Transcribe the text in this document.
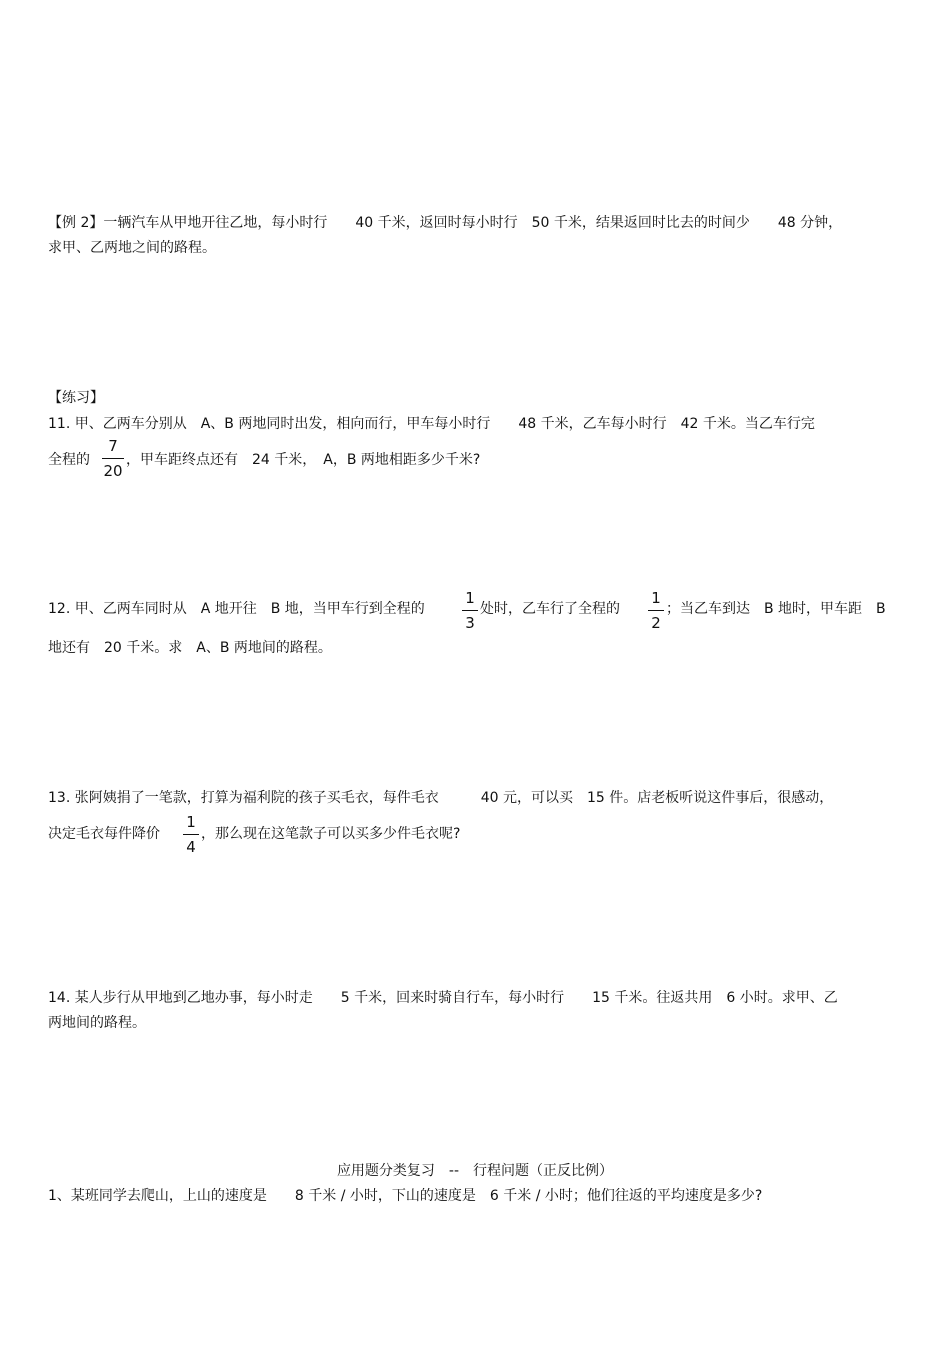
【例 2】一辆汽车从甲地开往乙地，每小时行　　40 千米，返回时每小时行　50 千米，结果返回时比去的时间少　　48 分钟，
求甲、乙两地之间的路程。
【练习】
11. 甲、乙两车分别从　A、B 两地同时出发，相向而行，甲车每小时行　　48 千米，乙车每小时行　42 千米。当乙车行完
全程的
7
20
，甲车距终点还有　24 千米，　A，B 两地相距多少千米?
12. 甲、乙两车同时从　A 地开往　B 地，当甲车行到全程的
1
3
处时，乙车行了全程的
1
2
；当乙车到达　B 地时，甲车距　B
地还有　20 千米。求　A、B 两地间的路程。
13. 张阿姨捐了一笔款，打算为福利院的孩子买毛衣，每件毛衣　　　40 元，可以买　15 件。店老板听说这件事后，很感动，
决定毛衣每件降价
1
4
，那么现在这笔款子可以买多少件毛衣呢?
14. 某人步行从甲地到乙地办事，每小时走　　5 千米，回来时骑自行车，每小时行　　15 千米。往返共用　6 小时。求甲、乙
两地间的路程。
应用题分类复习　--　行程问题（正反比例）
1、某班同学去爬山，上山的速度是　　8 千米 / 小时，下山的速度是　6 千米 / 小时；他们往返的平均速度是多少?
